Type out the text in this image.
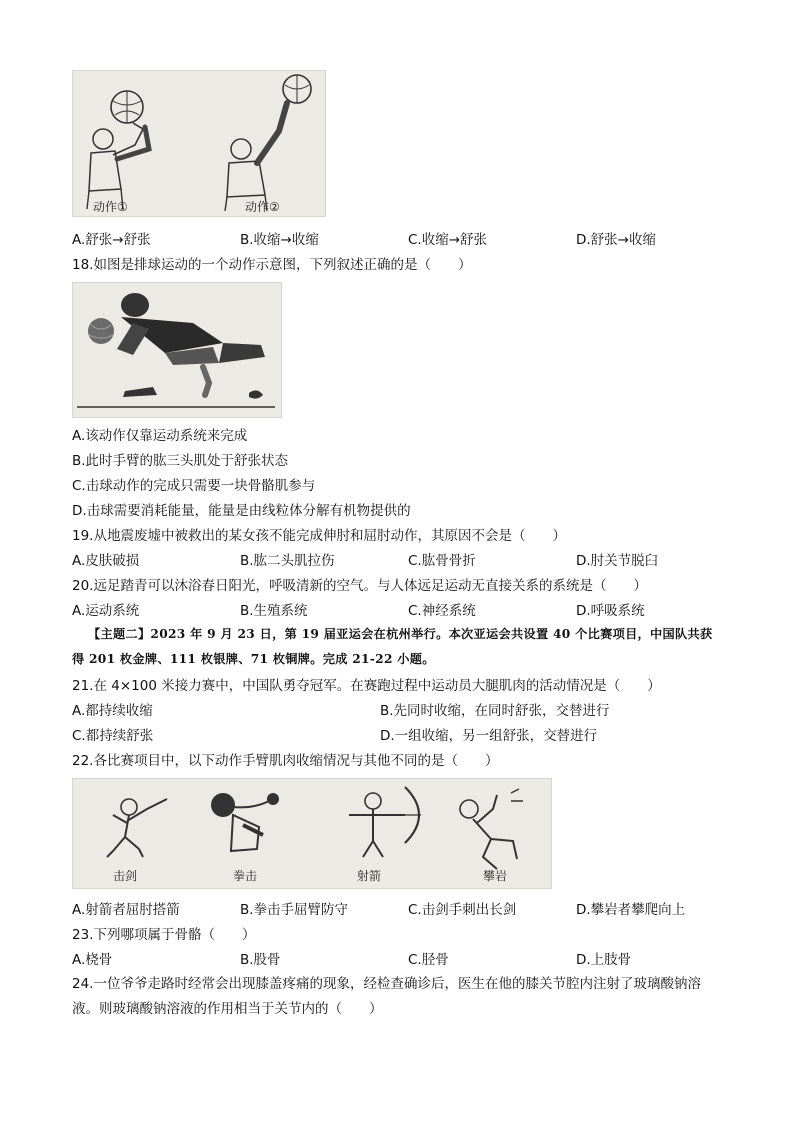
动作①	动作②
A.舒张→舒张	B.收缩→收缩	C.收缩→舒张	D.舒张→收缩
18.如图是排球运动的一个动作示意图，下列叙述正确的是（　　）
A.该动作仅靠运动系统来完成
B.此时手臂的肱三头肌处于舒张状态
C.击球动作的完成只需要一块骨骼肌参与
D.击球需要消耗能量，能量是由线粒体分解有机物提供的
19.从地震废墟中被救出的某女孩不能完成伸肘和屈肘动作，其原因不会是（　　）
A.皮肤破损	B.肱二头肌拉伤	C.肱骨骨折	D.肘关节脱臼
20.远足踏青可以沐浴春日阳光，呼吸清新的空气。与人体远足运动无直接关系的系统是（　　）
A.运动系统	B.生殖系统	C.神经系统	D.呼吸系统
【主题二】2023 年 9 月 23 日，第 19 届亚运会在杭州举行。本次亚运会共设置 40 个比赛项目，中国队共获得 201 枚金牌、111 枚银牌、71 枚铜牌。完成 21-22 小题。
21.在 4×100 米接力赛中，中国队勇夺冠军。在赛跑过程中运动员大腿肌肉的活动情况是（　　）
A.都持续收缩	B.先同时收缩，在同时舒张，交替进行
C.都持续舒张	D.一组收缩，另一组舒张，交替进行
22.各比赛项目中，以下动作手臂肌肉收缩情况与其他不同的是（　　）
击剑	拳击	射箭	攀岩
A.射箭者屈肘搭箭	B.拳击手屈臂防守	C.击剑手刺出长剑	D.攀岩者攀爬向上
23.下列哪项属于骨骼（　　）
A.桡骨	B.股骨	C.胫骨	D.上肢骨
24.一位爷爷走路时经常会出现膝盖疼痛的现象，经检查确诊后，医生在他的膝关节腔内注射了玻璃酸钠溶液。则玻璃酸钠溶液的作用相当于关节内的（　　）
